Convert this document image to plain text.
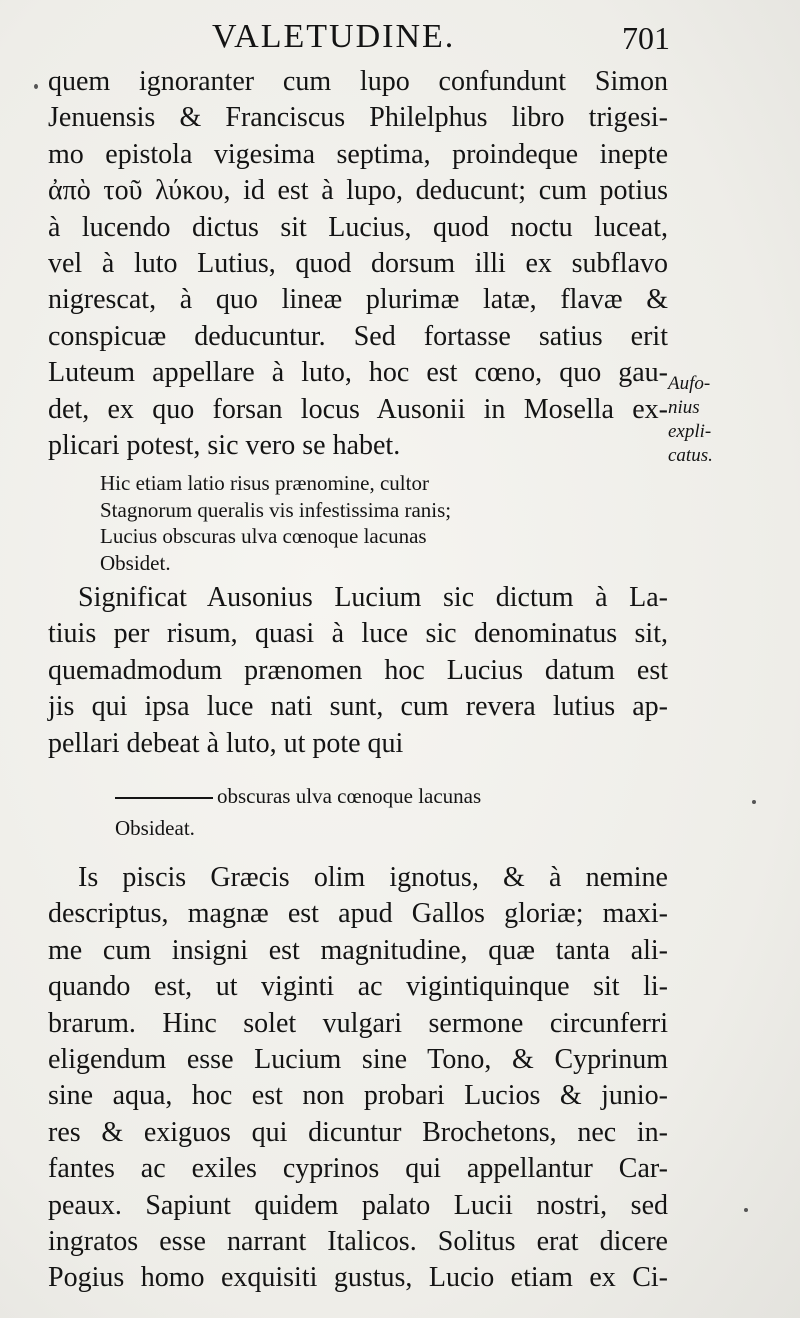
VALETUDINE.	701
quem ignoranter cum lupo confundunt Simon
Jenuensis & Franciscus Philelphus libro trigesi-
mo epistola vigesima septima, proindeque inepte
ἀπὸ τοῦ λύκου, id est à lupo, deducunt; cum potius
à lucendo dictus sit Lucius, quod noctu luceat,
vel à luto Lutius, quod dorsum illi ex subflavo
nigrescat, à quo lineæ plurimæ latæ, flavæ &
conspicuæ deducuntur. Sed fortasse satius erit
Luteum appellare à luto, hoc est cœno, quo gau-
det, ex quo forsan locus Ausonii in Mosella ex-
plicari potest, sic vero se habet.
Aufo-
nius
expli-
catus.
Hic etiam latio risus prænomine, cultor
Stagnorum queralis vis infestissima ranis;
Lucius obscuras ulva cœnoque lacunas
Obsidet.
Significat Ausonius Lucium sic dictum à La-
tiuis per risum, quasi à luce sic denominatus sit,
quemadmodum prænomen hoc Lucius datum est
jis qui ipsa luce nati sunt, cum revera lutius ap-
pellari debeat à luto, ut pote qui
obscuras ulva cœnoque lacunas
Obsideat.
Is piscis Græcis olim ignotus, & à nemine
descriptus, magnæ est apud Gallos gloriæ; maxi-
me cum insigni est magnitudine, quæ tanta ali-
quando est, ut viginti ac vigintiquinque sit li-
brarum. Hinc solet vulgari sermone circunferri
eligendum esse Lucium sine Tono, & Cyprinum
sine aqua, hoc est non probari Lucios & junio-
res & exiguos qui dicuntur Brochetons, nec in-
fantes ac exiles cyprinos qui appellantur Car-
peaux. Sapiunt quidem palato Lucii nostri, sed
ingratos esse narrant Italicos. Solitus erat dicere
Pogius homo exquisiti gustus, Lucio etiam ex Ci-
